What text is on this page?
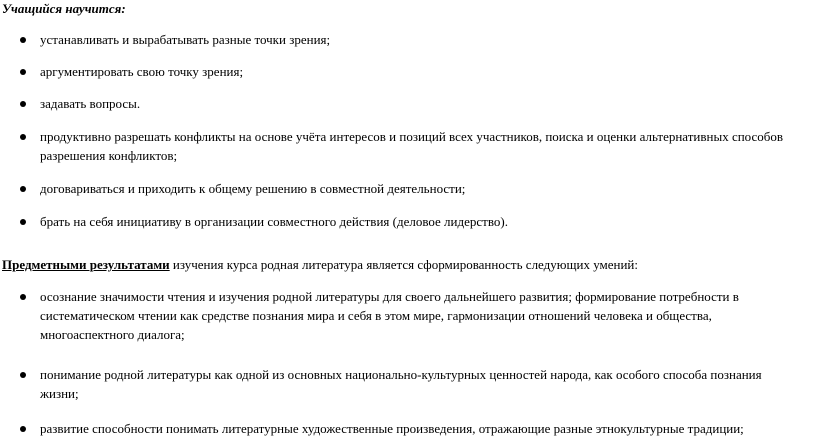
Учащийся научится:
устанавливать и вырабатывать разные точки зрения;
аргументировать свою точку зрения;
задавать вопросы.
продуктивно разрешать конфликты на основе учёта интересов и позиций всех участников, поиска и оценки альтернативных способов
разрешения конфликтов;
договариваться и приходить к общему решению в совместной деятельности;
брать на себя инициативу в организации совместного действия (деловое лидерство).
Предметными результатами изучения курса родная литература является сформированность следующих умений:
осознание значимости чтения и изучения родной литературы для своего дальнейшего развития; формирование потребности в
систематическом чтении как средстве познания мира и себя в этом мире, гармонизации отношений человека и общества,
многоаспектного диалога;
понимание родной литературы как одной из основных национально-культурных ценностей народа, как особого способа познания
жизни;
развитие способности понимать литературные художественные произведения, отражающие разные этнокультурные традиции;
